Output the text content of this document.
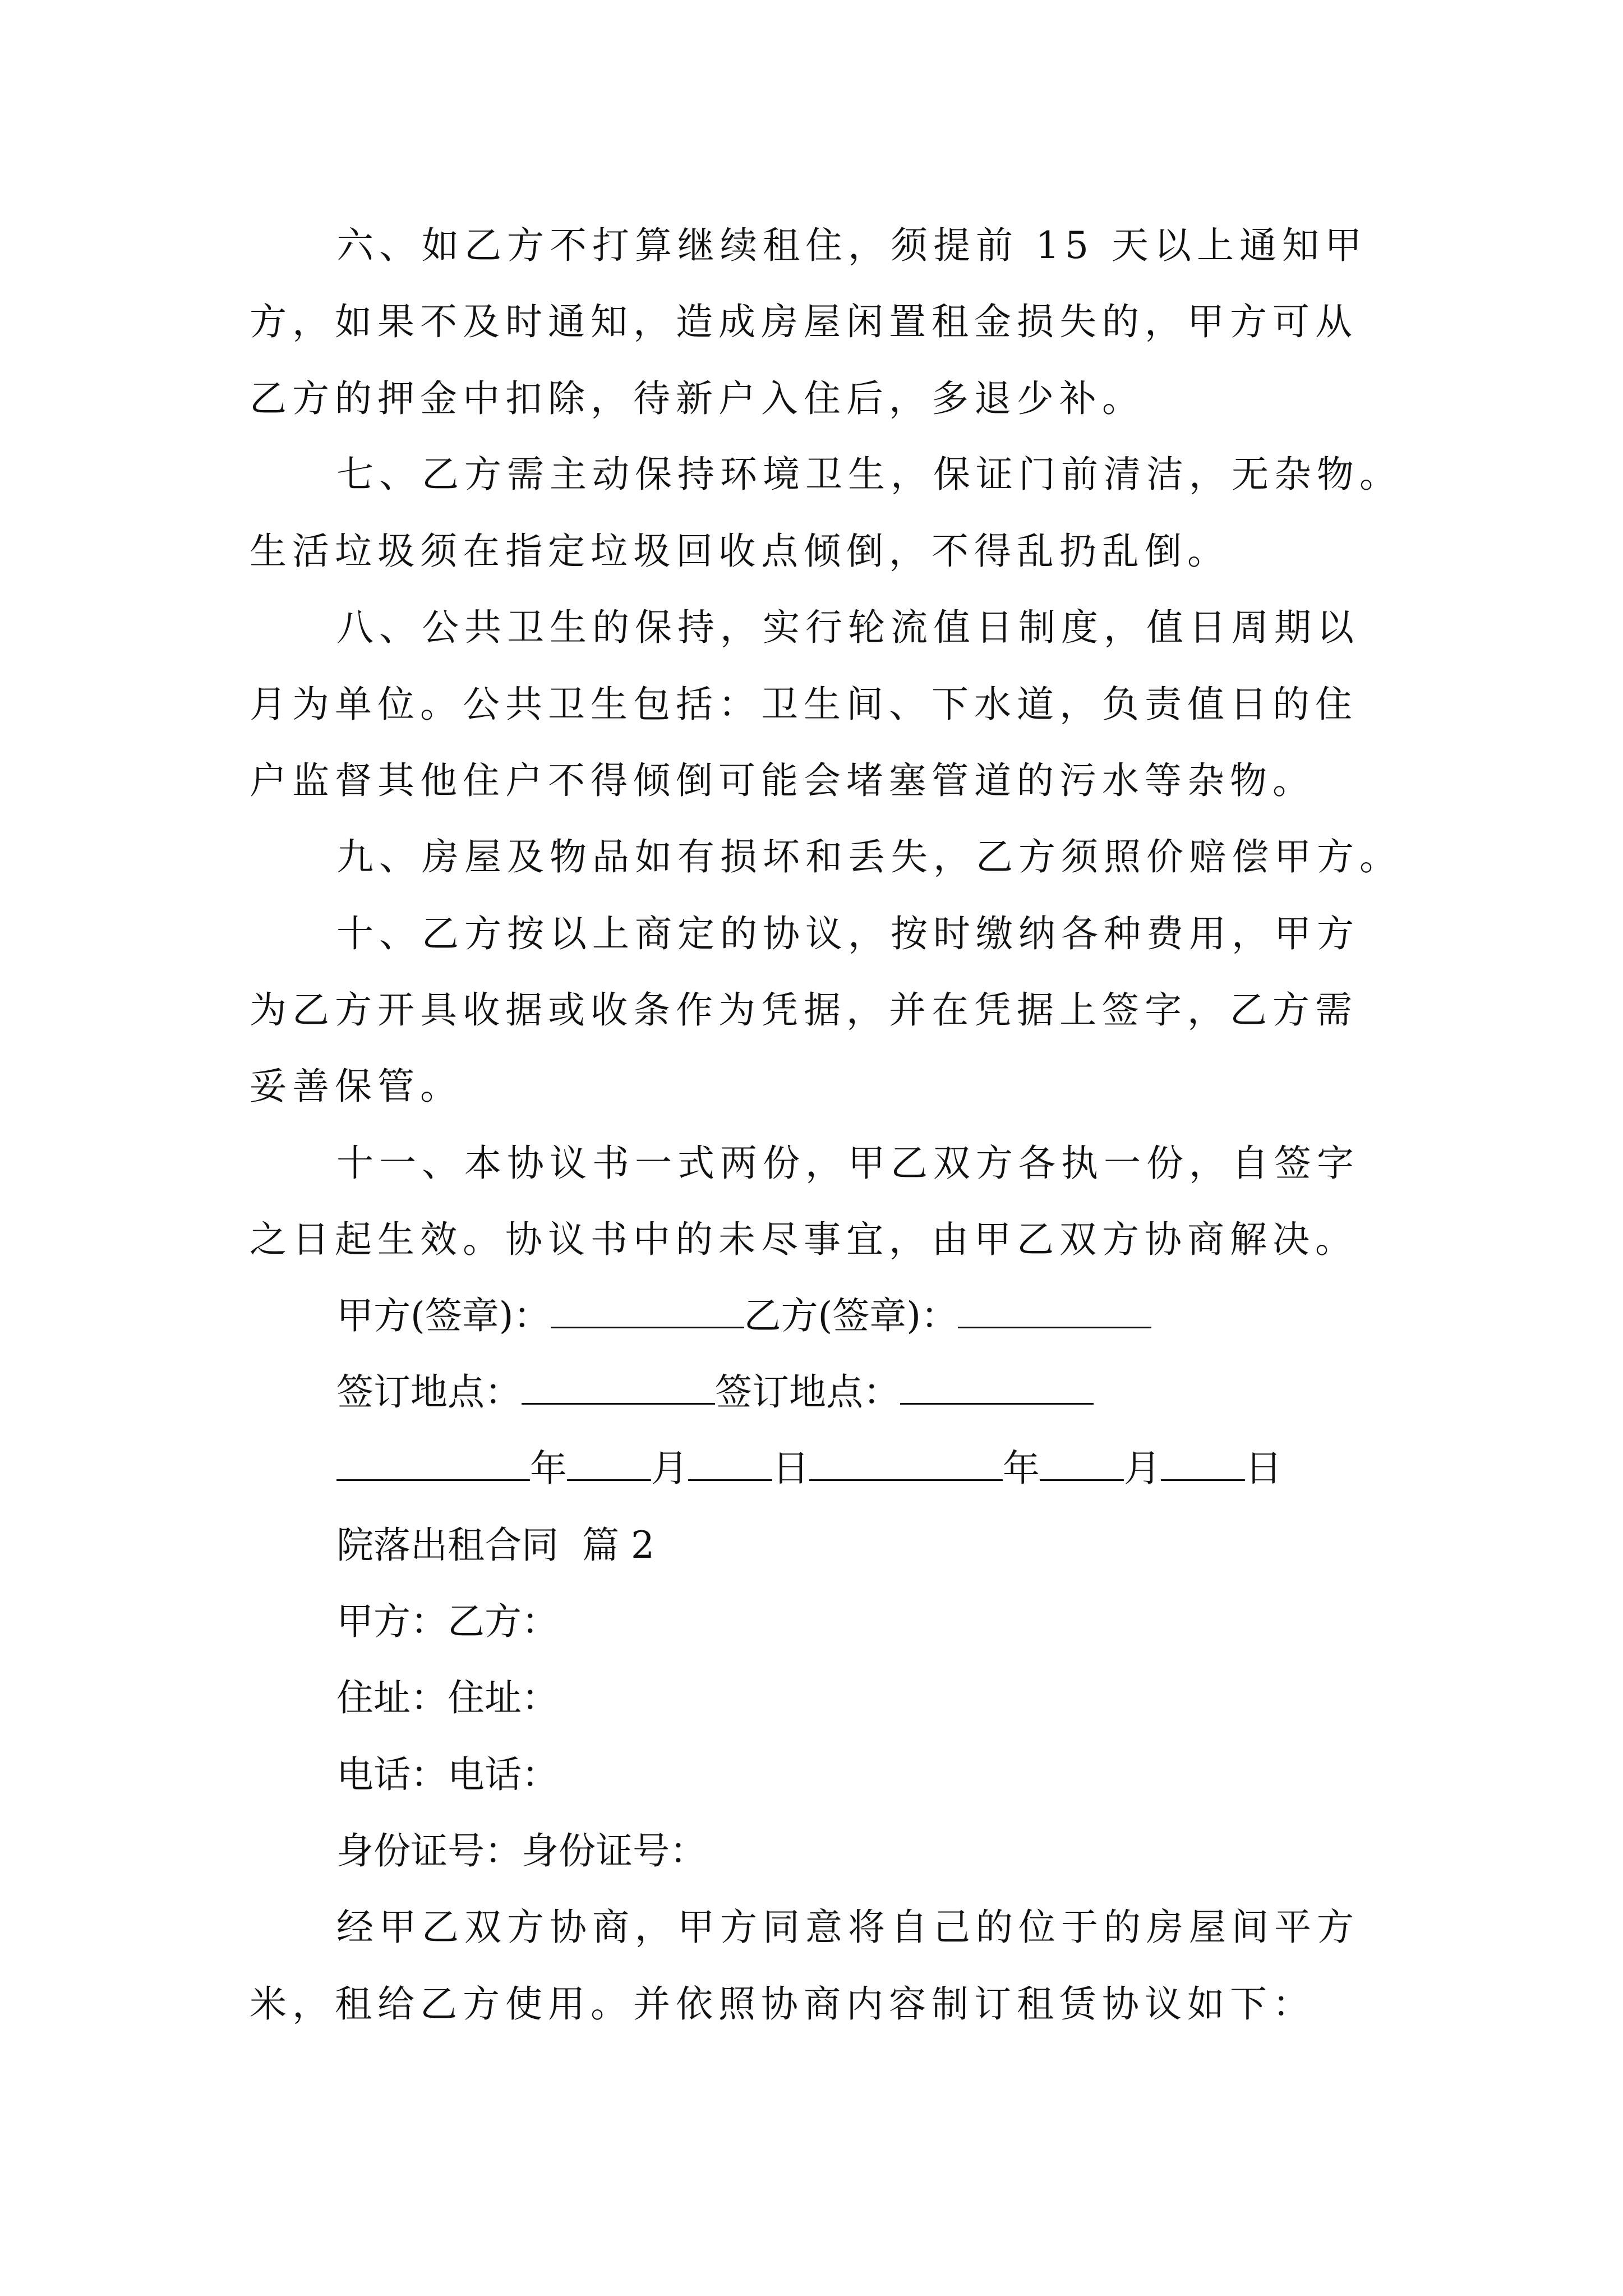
六、如乙方不打算继续租住，须提前 15 天以上通知甲
方，如果不及时通知，造成房屋闲置租金损失的，甲方可从
乙方的押金中扣除，待新户入住后，多退少补。
七、乙方需主动保持环境卫生，保证门前清洁，无杂物。
生活垃圾须在指定垃圾回收点倾倒，不得乱扔乱倒。
八、公共卫生的保持，实行轮流值日制度，值日周期以
月为单位。公共卫生包括：卫生间、下水道，负责值日的住
户监督其他住户不得倾倒可能会堵塞管道的污水等杂物。
九、房屋及物品如有损坏和丢失，乙方须照价赔偿甲方。
十、乙方按以上商定的协议，按时缴纳各种费用，甲方
为乙方开具收据或收条作为凭据，并在凭据上签字，乙方需
妥善保管。
十一、本协议书一式两份，甲乙双方各执一份，自签字
之日起生效。协议书中的未尽事宜，由甲乙双方协商解决。
甲方(签章)：	乙方(签章)：
签订地点：	签订地点：
年 月 日	年 月 日
院落出租合同  篇 2
甲方：乙方：
住址：住址：
电话：电话：
身份证号：身份证号：
经甲乙双方协商，甲方同意将自己的位于的房屋间平方
米，租给乙方使用。并依照协商内容制订租赁协议如下：
